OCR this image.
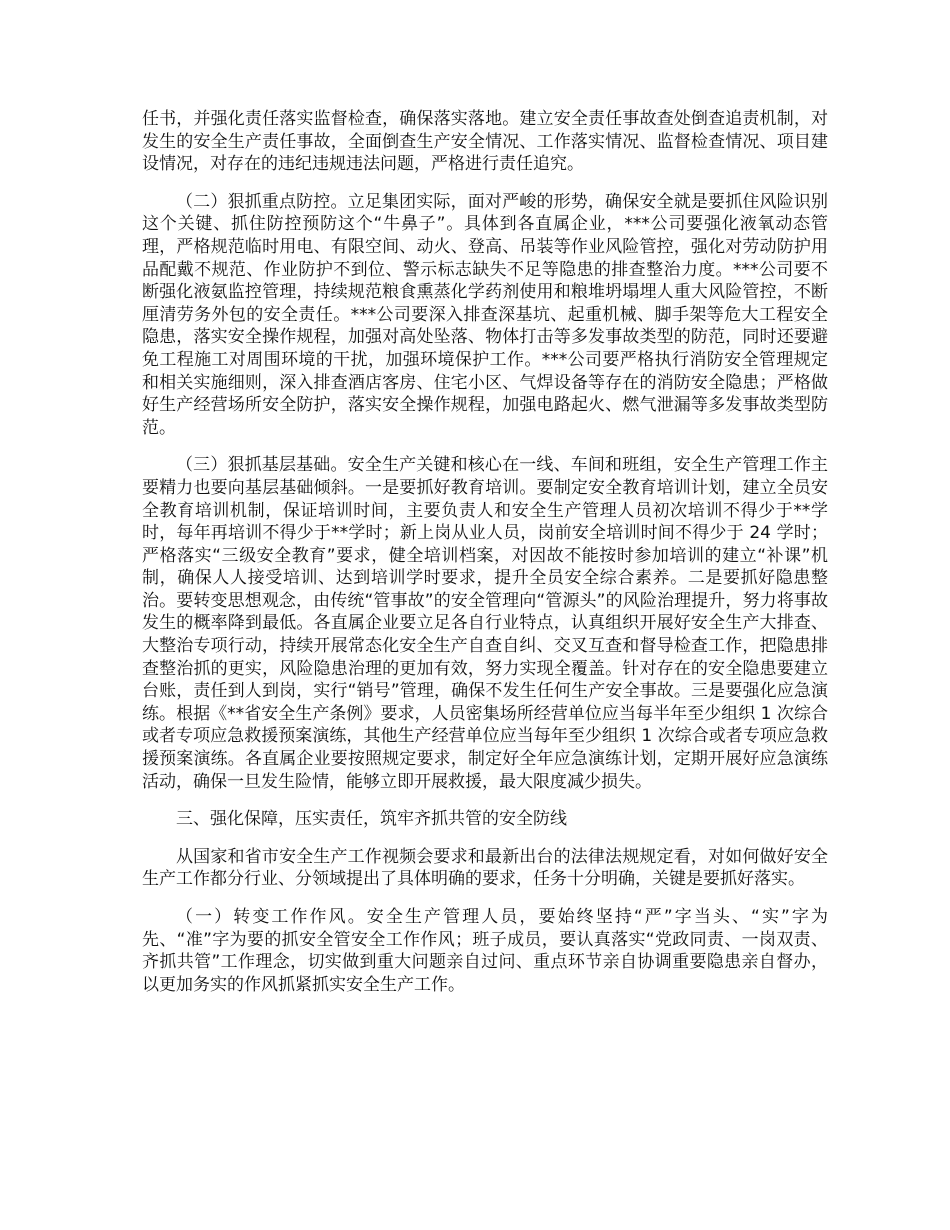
任书，并强化责任落实监督检查，确保落实落地。建立安全责任事故查处倒查追责机制，对发生的安全生产责任事故，全面倒查生产安全情况、工作落实情况、监督检查情况、项目建设情况，对存在的违纪违规违法问题，严格进行责任追究。

（二）狠抓重点防控。立足集团实际，面对严峻的形势，确保安全就是要抓住风险识别这个关键、抓住防控预防这个“牛鼻子”。具体到各直属企业，***公司要强化液氧动态管理，严格规范临时用电、有限空间、动火、登高、吊装等作业风险管控，强化对劳动防护用品配戴不规范、作业防护不到位、警示标志缺失不足等隐患的排查整治力度。***公司要不断强化液氨监控管理，持续规范粮食熏蒸化学药剂使用和粮堆坍塌埋人重大风险管控，不断厘清劳务外包的安全责任。***公司要深入排查深基坑、起重机械、脚手架等危大工程安全隐患，落实安全操作规程，加强对高处坠落、物体打击等多发事故类型的防范，同时还要避免工程施工对周围环境的干扰，加强环境保护工作。***公司要严格执行消防安全管理规定和相关实施细则，深入排查酒店客房、住宅小区、气焊设备等存在的消防安全隐患；严格做好生产经营场所安全防护，落实安全操作规程，加强电路起火、燃气泄漏等多发事故类型防范。

（三）狠抓基层基础。安全生产关键和核心在一线、车间和班组，安全生产管理工作主要精力也要向基层基础倾斜。一是要抓好教育培训。要制定安全教育培训计划，建立全员安全教育培训机制，保证培训时间，主要负责人和安全生产管理人员初次培训不得少于**学时，每年再培训不得少于**学时；新上岗从业人员，岗前安全培训时间不得少于 24 学时；严格落实“三级安全教育”要求，健全培训档案，对因故不能按时参加培训的建立“补课”机制，确保人人接受培训、达到培训学时要求，提升全员安全综合素养。二是要抓好隐患整治。要转变思想观念，由传统“管事故”的安全管理向“管源头”的风险治理提升，努力将事故发生的概率降到最低。各直属企业要立足各自行业特点，认真组织开展好安全生产大排查、大整治专项行动，持续开展常态化安全生产自查自纠、交叉互查和督导检查工作，把隐患排查整治抓的更实，风险隐患治理的更加有效，努力实现全覆盖。针对存在的安全隐患要建立台账，责任到人到岗，实行“销号”管理，确保不发生任何生产安全事故。三是要强化应急演练。根据《**省安全生产条例》要求，人员密集场所经营单位应当每半年至少组织 1 次综合或者专项应急救援预案演练，其他生产经营单位应当每年至少组织 1 次综合或者专项应急救援预案演练。各直属企业要按照规定要求，制定好全年应急演练计划，定期开展好应急演练活动，确保一旦发生险情，能够立即开展救援，最大限度减少损失。

三、强化保障，压实责任，筑牢齐抓共管的安全防线

从国家和省市安全生产工作视频会要求和最新出台的法律法规规定看，对如何做好安全生产工作都分行业、分领域提出了具体明确的要求，任务十分明确，关键是要抓好落实。

（一）转变工作作风。安全生产管理人员，要始终坚持“严”字当头、“实”字为先、“准”字为要的抓安全管安全工作作风；班子成员，要认真落实“党政同责、一岗双责、齐抓共管”工作理念，切实做到重大问题亲自过问、重点环节亲自协调重要隐患亲自督办，以更加务实的作风抓紧抓实安全生产工作。
